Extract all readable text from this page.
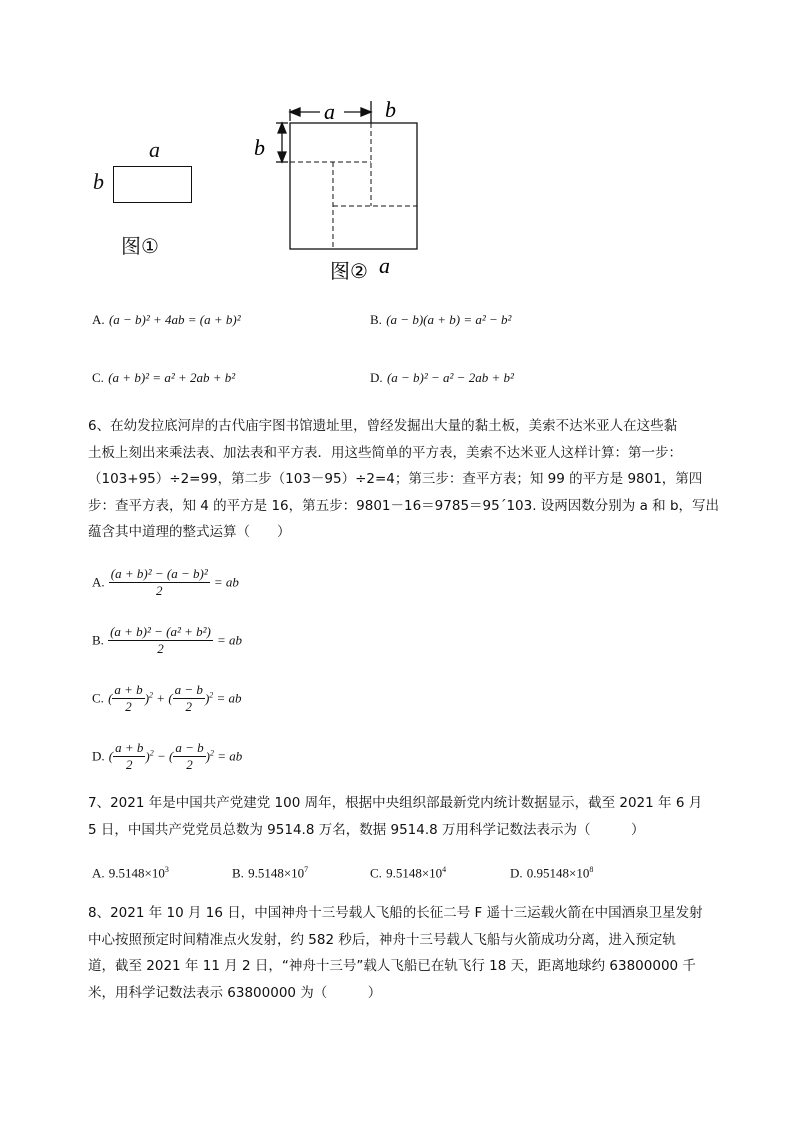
a
b
图①
a b
b
图② a
A. (a − b)² + 4ab = (a + b)²	B. (a − b)(a + b) = a² − b²
C. (a + b)² = a² + 2ab + b²	D. (a − b)² − a² − 2ab + b²
6、在幼发拉底河岸的古代庙宇图书馆遗址里，曾经发掘出大量的黏土板，美索不达米亚人在这些黏
土板上刻出来乘法表、加法表和平方表．用这些简单的平方表，美索不达米亚人这样计算：第一步：
（103+95）÷2=99，第二步（103－95）÷2=4；第三步：查平方表；知 99 的平方是 9801，第四
步：查平方表，知 4 的平方是 16，第五步：9801－16＝9785＝95´103. 设两因数分别为 a 和 b，写出
蕴含其中道理的整式运算（　　）
A. $\frac{\text{(a + b)² − (a − b)²}}{2}$ = ab
B. $\frac{\text{(a + b)² − (a² + b²)}}{2}$ = ab
C. ( $\frac{a + b}{2} )^2$ + ( $\frac{a - b}{2} )^2$ = ab
D. ( $\frac{a + b}{2} )^2$ − ( $\frac{a - b}{2} )^2$ = ab
7、2021 年是中国共产党建党 100 周年，根据中央组织部最新党内统计数据显示，截至 2021 年 6 月
5 日，中国共产党党员总数为 9514.8 万名，数据 9514.8 万用科学记数法表示为（　　　）
A. $9.5148\times 10^3$	B. $9.5148\times 10^7$	C. $9.5148\times 10^4$	D. $0.95148\times 10^8$
8、2021 年 10 月 16 日，中国神舟十三号载人飞船的长征二号 F 遥十三运载火箭在中国酒泉卫星发射
中心按照预定时间精准点火发射，约 582 秒后，神舟十三号载人飞船与火箭成功分离，进入预定轨
道，截至 2021 年 11 月 2 日，“神舟十三号”载人飞船已在轨飞行 18 天，距离地球约 63800000 千
米，用科学记数法表示 63800000 为（　　　）
